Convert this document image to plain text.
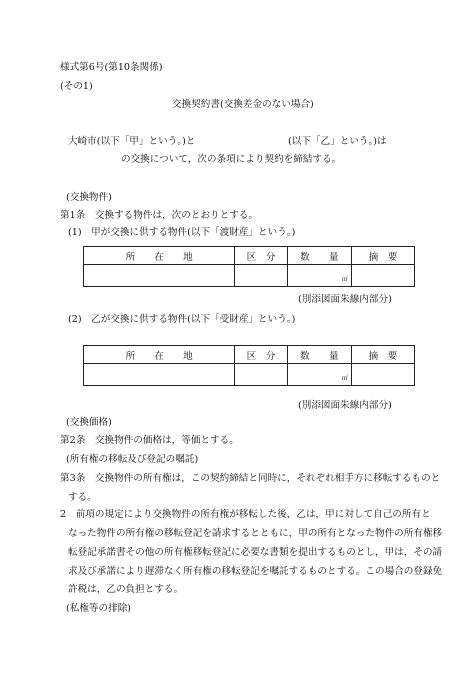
様式第6号(第10条関係)
(その1)
交換契約書(交換差金のない場合)
大崎市(以下「甲」という。)と	(以下「乙」という。)は
の交換について，次の条項により契約を締結する。
(交換物件)
第1条　交換する物件は，次のとおりとする。
(1)　甲が交換に供する物件(以下「渡財産」という。)
所　　在　　地	区　分	数　　量	摘　要
		㎡	
(別添図面朱線内部分)
(2)　乙が交換に供する物件(以下「受財産」という。)
所　　在　　地	区　分	数　　量	摘　要
		㎡	
(別添図面朱線内部分)
(交換価格)
第2条　交換物件の価格は，等価とする。
(所有権の移転及び登記の嘱託)
第3条　交換物件の所有権は，この契約締結と同時に，それぞれ相手方に移転するものと
する。
2　前項の規定により交換物件の所有権が移転した後，乙は，甲に対して自己の所有と
なった物件の所有権の移転登記を請求するとともに，甲の所有となった物件の所有権移
転登記承諾書その他の所有権移転登記に必要な書類を提出するものとし，甲は，その請
求及び承諾により遅滞なく所有権の移転登記を嘱託するものとする。この場合の登録免
許税は，乙の負担とする。
(私権等の排除)
